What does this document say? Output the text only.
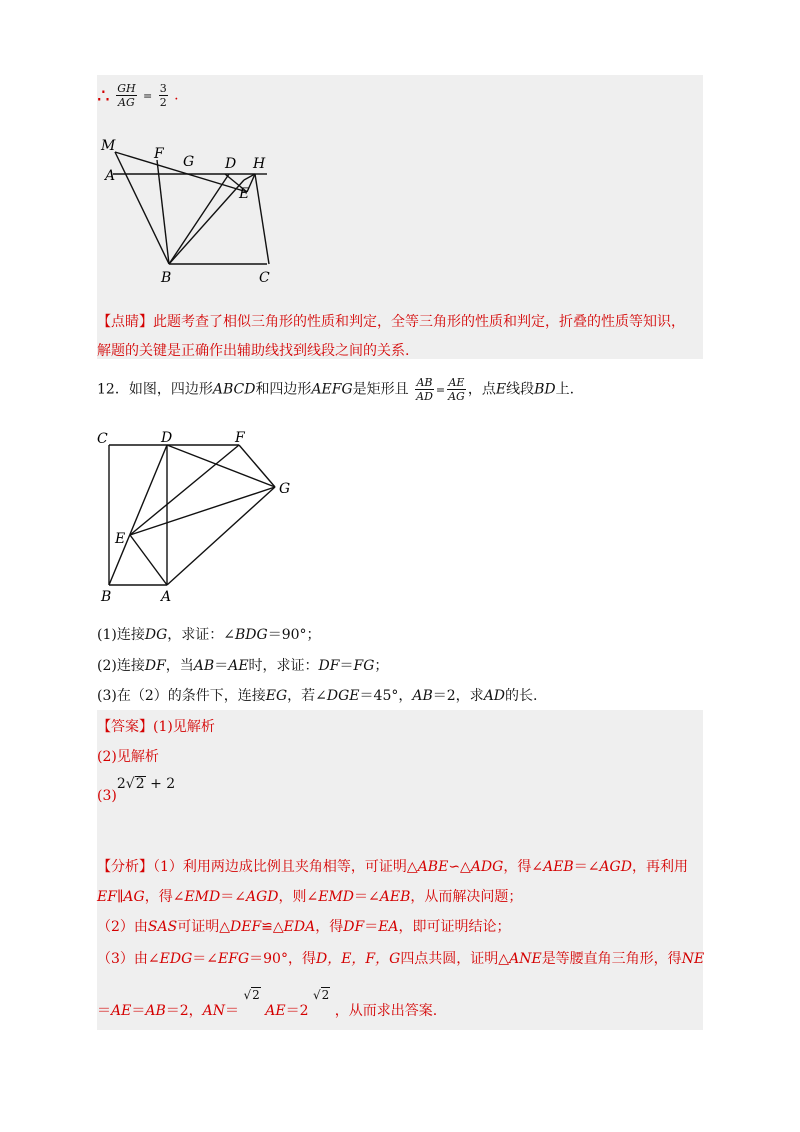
∴ $\frac{GH}{AG} = \frac{3}{2}$ .
M	F G D H
A
E
B	C
【点睛】此题考查了相似三角形的性质和判定，全等三角形的性质和判定，折叠的性质等知识，
解题的关键是正确作出辅助线找到线段之间的关系.
12．如图，四边形ABCD和四边形AEFG是矩形且 $\frac{AB}{AD} = \frac{AE}{AG}$ ，点E线段BD上.
C	D	F
G
E
B	A
(1)连接DG，求证：∠BDG＝90°；
(2)连接DF，当AB＝AE时，求证：DF＝FG；
(3)在（2）的条件下，连接EG，若∠DGE＝45°，AB＝2，求AD的长.
【答案】(1)见解析
(2)见解析
(3)2√2 + 2
【分析】（1）利用两边成比例且夹角相等，可证明△ABE∽△ADG，得∠AEB＝∠AGD，再利用
EF∥AG，得∠EMD＝∠AGD，则∠EMD＝∠AEB，从而解决问题；
（2）由SAS可证明△DEF≌△EDA，得DF＝EA，即可证明结论；
（3）由∠EDG＝∠EFG＝90°，得D，E，F，G四点共圆，证明△ANE是等腰直角三角形，得NE
＝AE＝AB＝2，AN＝ √2 AE＝2 √2 ，从而求出答案.
